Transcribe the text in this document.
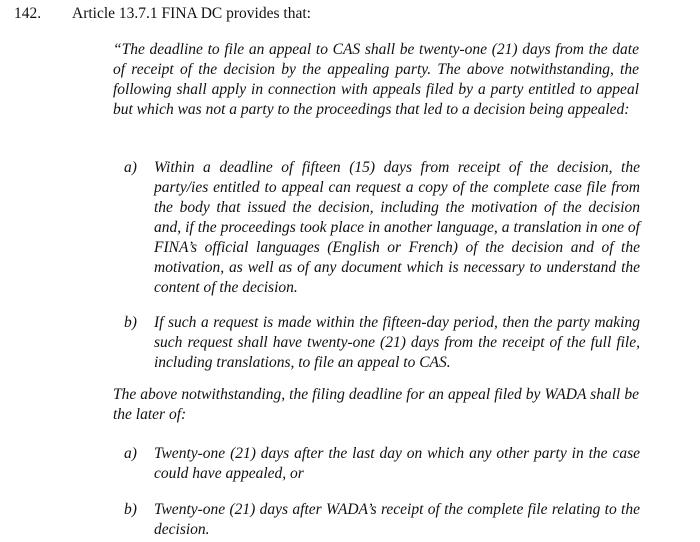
142. Article 13.7.1 FINA DC provides that:
“The deadline to file an appeal to CAS shall be twenty-one (21) days from the date of receipt of the decision by the appealing party. The above notwithstanding, the following shall apply in connection with appeals filed by a party entitled to appeal but which was not a party to the proceedings that led to a decision being appealed:
a) Within a deadline of fifteen (15) days from receipt of the decision, the party/ies entitled to appeal can request a copy of the complete case file from the body that issued the decision, including the motivation of the decision and, if the proceedings took place in another language, a translation in one of FINA’s official languages (English or French) of the decision and of the motivation, as well as of any document which is necessary to understand the content of the decision.
b) If such a request is made within the fifteen-day period, then the party making such request shall have twenty-one (21) days from the receipt of the full file, including translations, to file an appeal to CAS.
The above notwithstanding, the filing deadline for an appeal filed by WADA shall be the later of:
a) Twenty-one (21) days after the last day on which any other party in the case could have appealed, or
b) Twenty-one (21) days after WADA’s receipt of the complete file relating to the decision.
